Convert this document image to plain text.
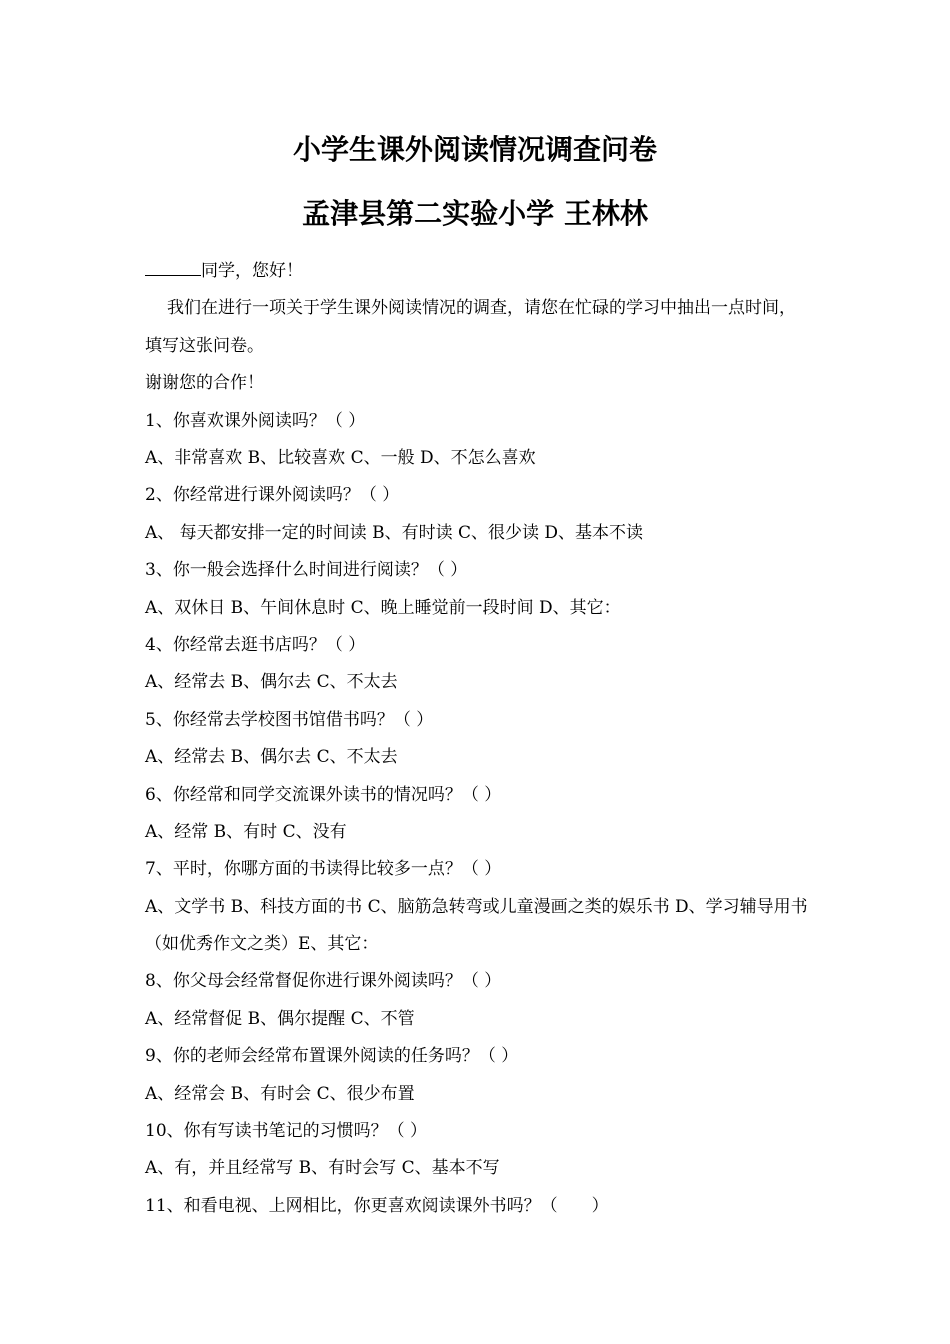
小学生课外阅读情况调查问卷
孟津县第二实验小学 王林林

同学，您好！

我们在进行一项关于学生课外阅读情况的调查，请您在忙碌的学习中抽出一点时间，填写这张问卷。

谢谢您的合作！

1、你喜欢课外阅读吗？（ ）

A、非常喜欢 B、比较喜欢 C、一般 D、不怎么喜欢

2、你经常进行课外阅读吗？（ ）

A、 每天都安排一定的时间读 B、有时读 C、很少读 D、基本不读

3、你一般会选择什么时间进行阅读？（ ）

A、双休日 B、午间休息时 C、晚上睡觉前一段时间 D、其它：

4、你经常去逛书店吗？（ ）

A、经常去 B、偶尔去 C、不太去

5、你经常去学校图书馆借书吗？（ ）

A、经常去 B、偶尔去 C、不太去

6、你经常和同学交流课外读书的情况吗？（ ）

A、经常 B、有时 C、没有

7、平时，你哪方面的书读得比较多一点？（ ）

A、文学书 B、科技方面的书 C、脑筋急转弯或儿童漫画之类的娱乐书 D、学习辅导用书（如优秀作文之类）E、其它：

8、你父母会经常督促你进行课外阅读吗？（ ）

A、经常督促 B、偶尔提醒 C、不管

9、你的老师会经常布置课外阅读的任务吗？（ ）

A、经常会 B、有时会 C、很少布置

10、你有写读书笔记的习惯吗？（ ）

A、有，并且经常写 B、有时会写 C、基本不写

11、和看电视、上网相比，你更喜欢阅读课外书吗？（　　）
